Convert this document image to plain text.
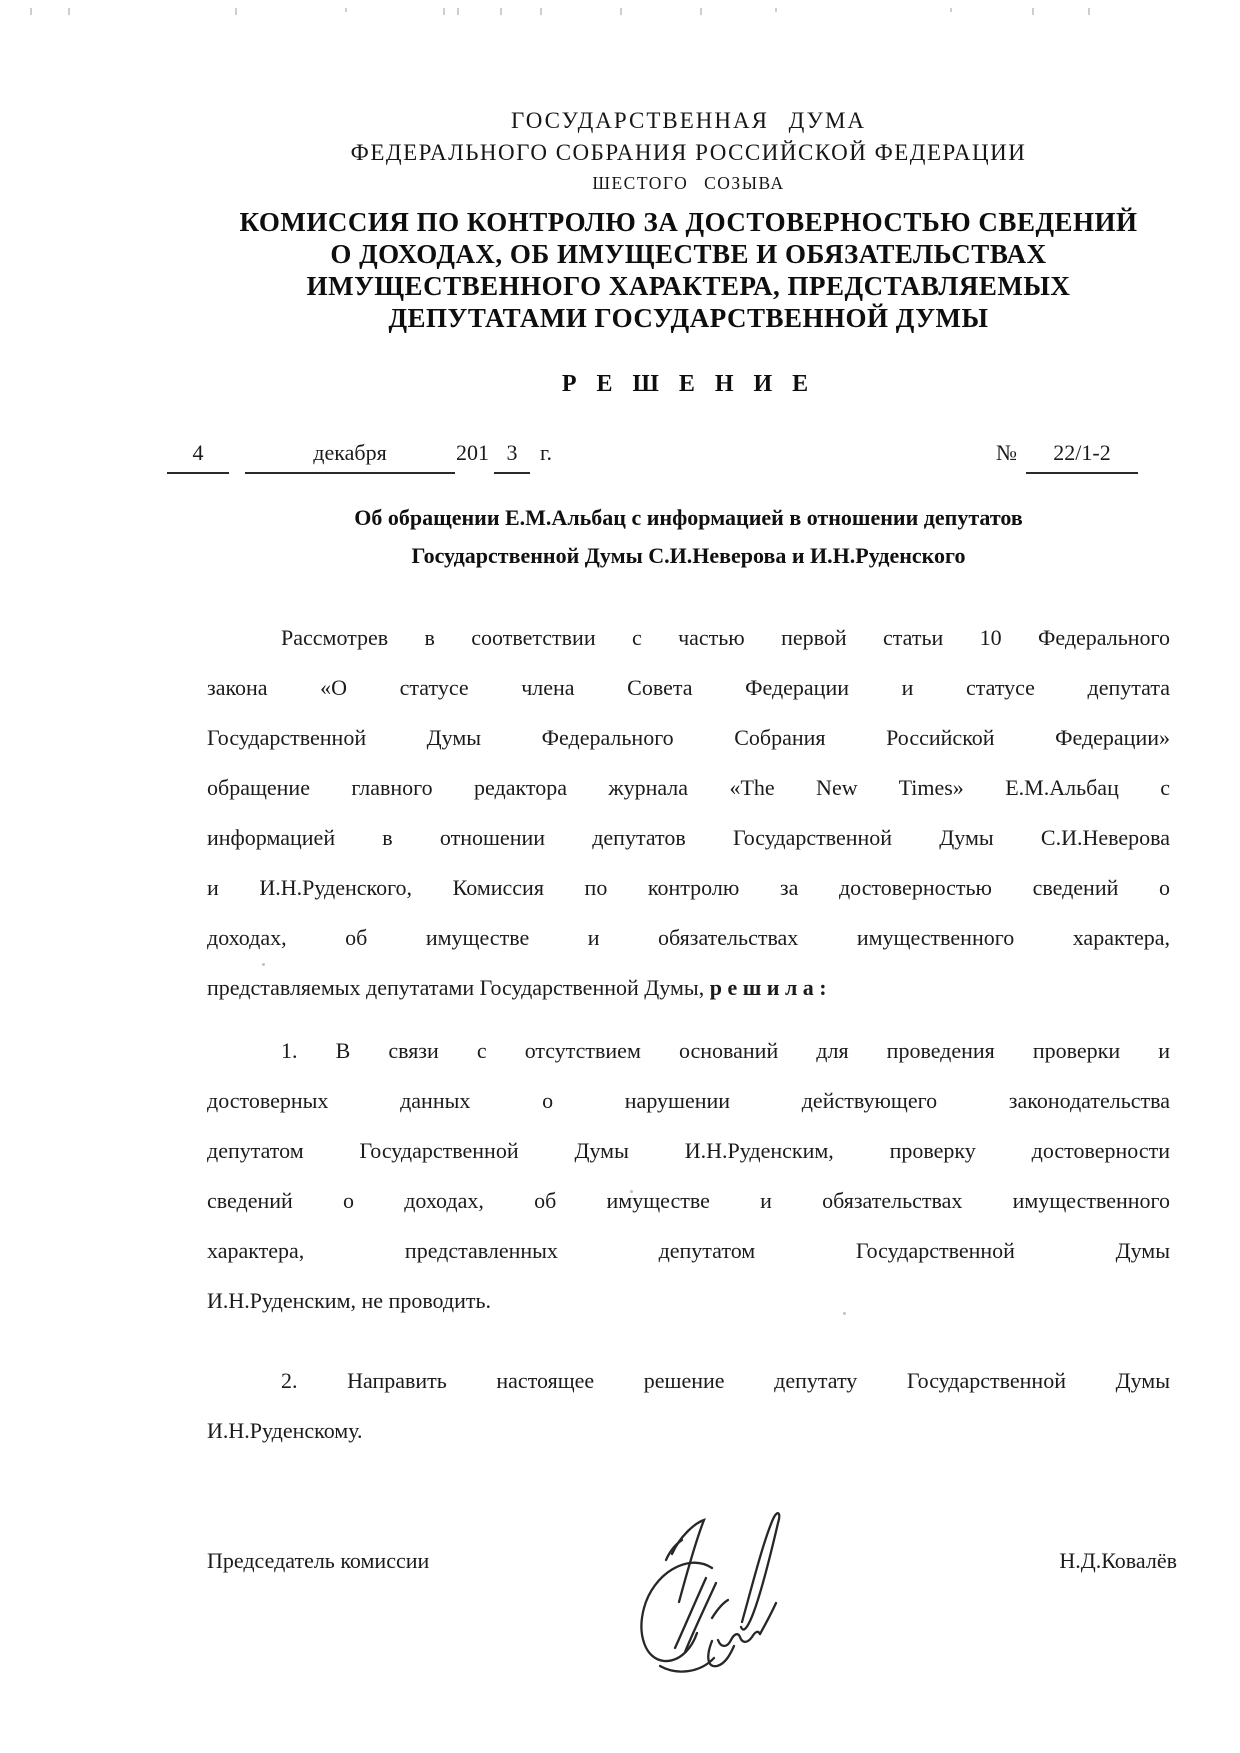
ГОСУДАРСТВЕННАЯ ДУМА
ФЕДЕРАЛЬНОГО СОБРАНИЯ РОССИЙСКОЙ ФЕДЕРАЦИИ
ШЕСТОГО СОЗЫВА
КОМИССИЯ ПО КОНТРОЛЮ ЗА ДОСТОВЕРНОСТЬЮ СВЕДЕНИЙ
О ДОХОДАХ, ОБ ИМУЩЕСТВЕ И ОБЯЗАТЕЛЬСТВАХ
ИМУЩЕСТВЕННОГО ХАРАКТЕРА, ПРЕДСТАВЛЯЕМЫХ
ДЕПУТАТАМИ ГОСУДАРСТВЕННОЙ ДУМЫ
Р Е Ш Е Н И Е
4	декабря	201 3	г.	№	22/1-2
Об обращении Е.М.Альбац с информацией в отношении депутатов
Государственной Думы С.И.Неверова и И.Н.Руденского
Рассмотрев в соответствии с частью первой статьи 10 Федерального
закона «О статусе члена Совета Федерации и статусе депутата
Государственной Думы Федерального Собрания Российской Федерации»
обращение главного редактора журнала «The New Times» Е.М.Альбац с
информацией в отношении депутатов Государственной Думы С.И.Неверова
и И.Н.Руденского, Комиссия по контролю за достоверностью сведений о
доходах, об имуществе и обязательствах имущественного характера,
представляемых депутатами Государственной Думы, р е ш и л а :
1. В связи с отсутствием оснований для проведения проверки и
достоверных данных о нарушении действующего законодательства
депутатом Государственной Думы И.Н.Руденским, проверку достоверности
сведений о доходах, об имуществе и обязательствах имущественного
характера, представленных депутатом Государственной Думы
И.Н.Руденским, не проводить.
2. Направить настоящее решение депутату Государственной Думы
И.Н.Руденскому.
Председатель комиссии	Н.Д.Ковалёв
